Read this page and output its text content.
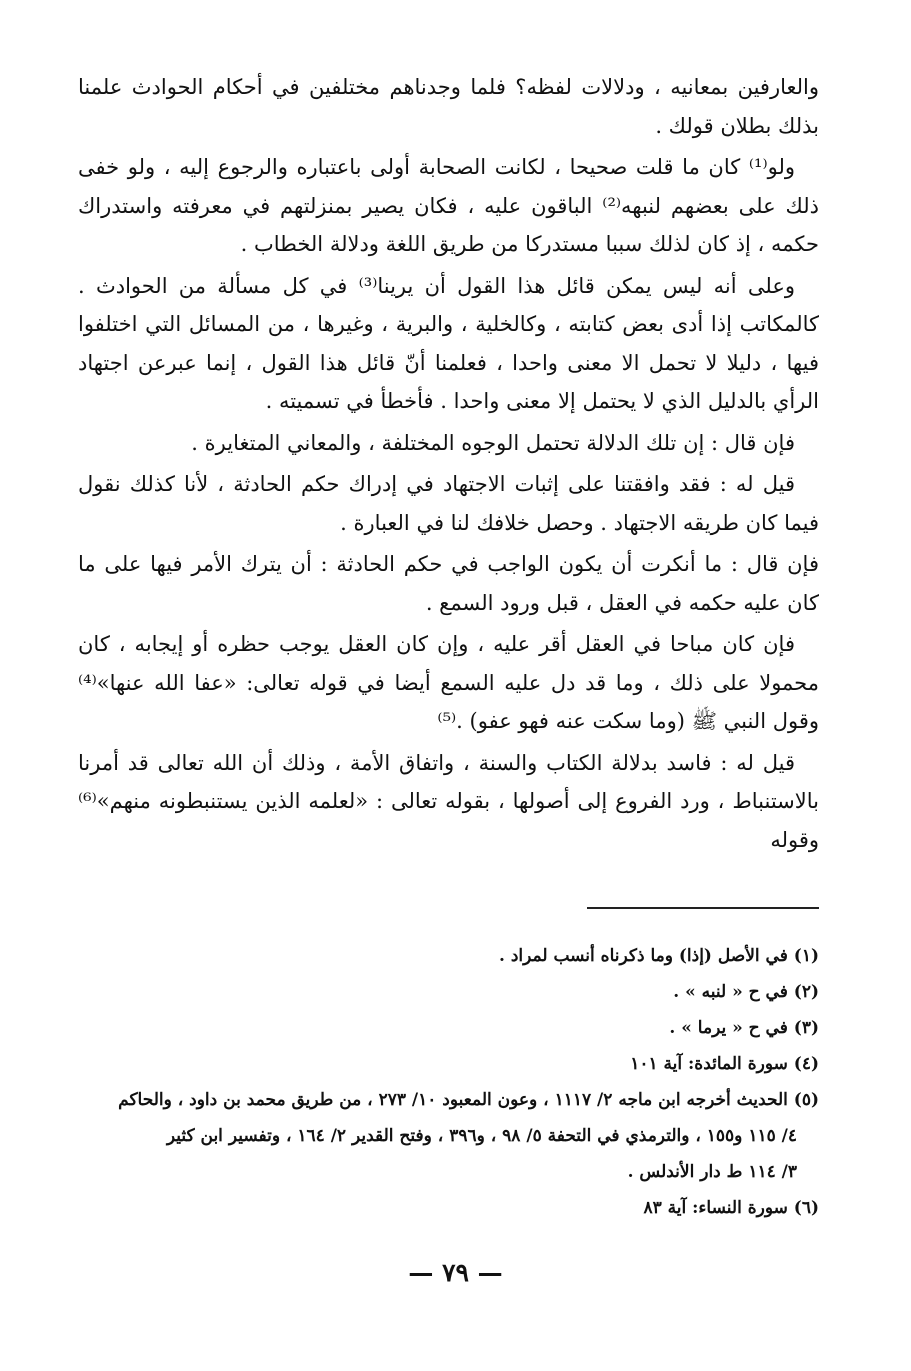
والعارفين بمعانيه ، ودلالات لفظه؟ فلما وجدناهم مختلفين في أحكام الحوادث علمنا بذلك بطلان قولك .

ولو⁽¹⁾ كان ما قلت صحيحا ، لكانت الصحابة أولى باعتباره والرجوع إليه ، ولو خفى ذلك على بعضهم لنبهه⁽²⁾ الباقون عليه ، فكان يصير بمنزلتهم في معرفته واستدراك حكمه ، إذ كان لذلك سببا مستدركا من طريق اللغة ودلالة الخطاب .

وعلى أنه ليس يمكن قائل هذا القول أن يرينا⁽³⁾ في كل مسألة من الحوادث . كالمكاتب إذا أدى بعض كتابته ، وكالخلية ، والبرية ، وغيرها ، من المسائل التي اختلفوا فيها ، دليلا لا تحمل الا معنى واحدا ، فعلمنا أنّ قائل هذا القول ، إنما عبرعن اجتهاد الرأي بالدليل الذي لا يحتمل إلا معنى واحدا . فأخطأ في تسميته .

فإن قال : إن تلك الدلالة تحتمل الوجوه المختلفة ، والمعاني المتغايرة .

قيل له : فقد وافقتنا على إثبات الاجتهاد في إدراك حكم الحادثة ، لأنا كذلك نقول فيما كان طريقه الاجتهاد . وحصل خلافك لنا في العبارة .

فإن قال : ما أنكرت أن يكون الواجب في حكم الحادثة : أن يترك الأمر فيها على ما كان عليه حكمه في العقل ، قبل ورود السمع .

فإن كان مباحا في العقل أقر عليه ، وإن كان العقل يوجب حظره أو إيجابه ، كان محمولا على ذلك ، وما قد دل عليه السمع أيضا في قوله تعالى: «عفا الله عنها»⁽⁴⁾ وقول النبي ﷺ (وما سكت عنه فهو عفو) .⁽⁵⁾

قيل له : فاسد بدلالة الكتاب والسنة ، واتفاق الأمة ، وذلك أن الله تعالى قد أمرنا بالاستنباط ، ورد الفروع إلى أصولها ، بقوله تعالى : «لعلمه الذين يستنبطونه منهم»⁽⁶⁾ وقوله

(١) في الأصل (إذا) وما ذكرناه أنسب لمراد .
(٢) في ح « لنبه » .
(٣) في ح « يرما » .
(٤) سورة المائدة: آية ١٠١
(٥) الحديث أخرجه ابن ماجه ٢/ ١١١٧ ، وعون المعبود ١٠/ ٢٧٣ ، من طريق محمد بن داود ، والحاكم
٤/ ١١٥ و١٥٥ ، والترمذي في التحفة ٥/ ٩٨ ، و٣٩٦ ، وفتح القدير ٢/ ١٦٤ ، وتفسير ابن كثير
٣/ ١١٤ ط دار الأندلس .
(٦) سورة النساء: آية ٨٣
— ٧٩ —
